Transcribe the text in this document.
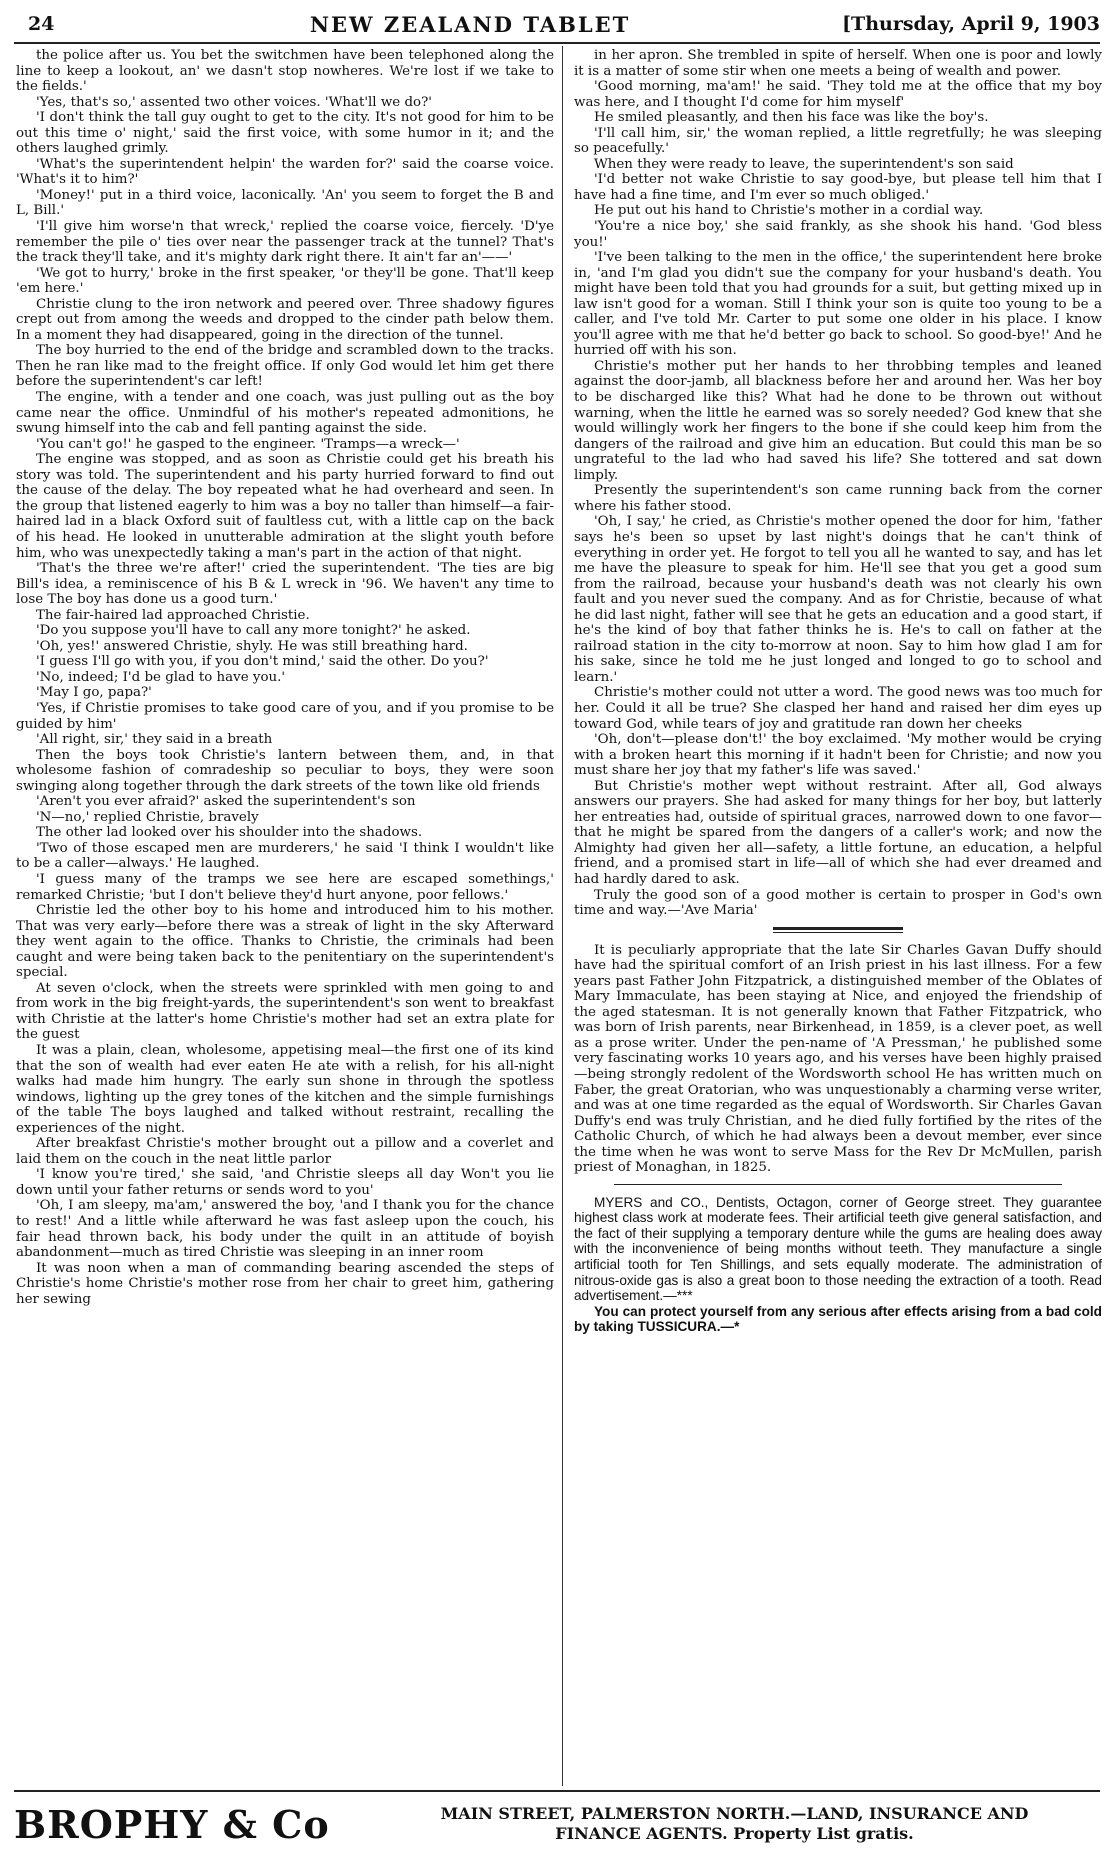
24	NEW ZEALAND TABLET	[Thursday, April 9, 1903

the police after us. You bet the switchmen have been telephoned along the line to keep a lookout, an' we dasn't stop nowheres. We're lost if we take to the fields.'

'Yes, that's so,' assented two other voices. 'What'll we do?'

'I don't think the tall guy ought to get to the city. It's not good for him to be out this time o' night,' said the first voice, with some humor in it; and the others laughed grimly.

'What's the superintendent helpin' the warden for?' said the coarse voice. 'What's it to him?'

'Money!' put in a third voice, laconically. 'An' you seem to forget the B and L, Bill.'

'I'll give him worse'n that wreck,' replied the coarse voice, fiercely. 'D'ye remember the pile o' ties over near the passenger track at the tunnel? That's the track they'll take, and it's mighty dark right there. It ain't far an'——'

'We got to hurry,' broke in the first speaker, 'or they'll be gone. That'll keep 'em here.'

Christie clung to the iron network and peered over. Three shadowy figures crept out from among the weeds and dropped to the cinder path below them. In a moment they had disappeared, going in the direction of the tunnel.

The boy hurried to the end of the bridge and scrambled down to the tracks. Then he ran like mad to the freight office. If only God would let him get there before the superintendent's car left!

The engine, with a tender and one coach, was just pulling out as the boy came near the office. Unmindful of his mother's repeated admonitions, he swung himself into the cab and fell panting against the side.

'You can't go!' he gasped to the engineer. 'Tramps—a wreck—'

The engine was stopped, and as soon as Christie could get his breath his story was told. The superintendent and his party hurried forward to find out the cause of the delay. The boy repeated what he had overheard and seen. In the group that listened eagerly to him was a boy no taller than himself—a fair-haired lad in a black Oxford suit of faultless cut, with a little cap on the back of his head. He looked in unutterable admiration at the slight youth before him, who was unexpectedly taking a man's part in the action of that night.

'That's the three we're after!' cried the superintendent. 'The ties are big Bill's idea, a reminiscence of his B & L wreck in '96. We haven't any time to lose The boy has done us a good turn.'

The fair-haired lad approached Christie.

'Do you suppose you'll have to call any more tonight?' he asked.

'Oh, yes!' answered Christie, shyly. He was still breathing hard.

'I guess I'll go with you, if you don't mind,' said the other. Do you?'

'No, indeed; I'd be glad to have you.'

'May I go, papa?'

'Yes, if Christie promises to take good care of you, and if you promise to be guided by him'

'All right, sir,' they said in a breath

Then the boys took Christie's lantern between them, and, in that wholesome fashion of comradeship so peculiar to boys, they were soon swinging along together through the dark streets of the town like old friends

'Aren't you ever afraid?' asked the superintendent's son

'N—no,' replied Christie, bravely

The other lad looked over his shoulder into the shadows.

'Two of those escaped men are murderers,' he said 'I think I wouldn't like to be a caller—always.' He laughed.

'I guess many of the tramps we see here are escaped somethings,' remarked Christie; 'but I don't believe they'd hurt anyone, poor fellows.'

Christie led the other boy to his home and introduced him to his mother. That was very early—before there was a streak of light in the sky Afterward they went again to the office. Thanks to Christie, the criminals had been caught and were being taken back to the penitentiary on the superintendent's special.

At seven o'clock, when the streets were sprinkled with men going to and from work in the big freight-yards, the superintendent's son went to breakfast with Christie at the latter's home Christie's mother had set an extra plate for the guest

It was a plain, clean, wholesome, appetising meal—the first one of its kind that the son of wealth had ever eaten He ate with a relish, for his all-night walks had made him hungry. The early sun shone in through the spotless windows, lighting up the grey tones of the kitchen and the simple furnishings of the table The boys laughed and talked without restraint, recalling the experiences of the night.

After breakfast Christie's mother brought out a pillow and a coverlet and laid them on the couch in the neat little parlor

'I know you're tired,' she said, 'and Christie sleeps all day Won't you lie down until your father returns or sends word to you'

'Oh, I am sleepy, ma'am,' answered the boy, 'and I thank you for the chance to rest!' And a little while afterward he was fast asleep upon the couch, his fair head thrown back, his body under the quilt in an attitude of boyish abandonment—much as tired Christie was sleeping in an inner room

It was noon when a man of commanding bearing ascended the steps of Christie's home Christie's mother rose from her chair to greet him, gathering her sewing

in her apron. She trembled in spite of herself. When one is poor and lowly it is a matter of some stir when one meets a being of wealth and power.

'Good morning, ma'am!' he said. 'They told me at the office that my boy was here, and I thought I'd come for him myself'

He smiled pleasantly, and then his face was like the boy's.

'I'll call him, sir,' the woman replied, a little regretfully; he was sleeping so peacefully.'

When they were ready to leave, the superintendent's son said

'I'd better not wake Christie to say good-bye, but please tell him that I have had a fine time, and I'm ever so much obliged.'

He put out his hand to Christie's mother in a cordial way.

'You're a nice boy,' she said frankly, as she shook his hand. 'God bless you!'

'I've been talking to the men in the office,' the superintendent here broke in, 'and I'm glad you didn't sue the company for your husband's death. You might have been told that you had grounds for a suit, but getting mixed up in law isn't good for a woman. Still I think your son is quite too young to be a caller, and I've told Mr. Carter to put some one older in his place. I know you'll agree with me that he'd better go back to school. So good-bye!' And he hurried off with his son.

Christie's mother put her hands to her throbbing temples and leaned against the door-jamb, all blackness before her and around her. Was her boy to be discharged like this? What had he done to be thrown out without warning, when the little he earned was so sorely needed? God knew that she would willingly work her fingers to the bone if she could keep him from the dangers of the railroad and give him an education. But could this man be so ungrateful to the lad who had saved his life? She tottered and sat down limply.

Presently the superintendent's son came running back from the corner where his father stood.

'Oh, I say,' he cried, as Christie's mother opened the door for him, 'father says he's been so upset by last night's doings that he can't think of everything in order yet. He forgot to tell you all he wanted to say, and has let me have the pleasure to speak for him. He'll see that you get a good sum from the railroad, because your husband's death was not clearly his own fault and you never sued the company. And as for Christie, because of what he did last night, father will see that he gets an education and a good start, if he's the kind of boy that father thinks he is. He's to call on father at the railroad station in the city to-morrow at noon. Say to him how glad I am for his sake, since he told me he just longed and longed to go to school and learn.'

Christie's mother could not utter a word. The good news was too much for her. Could it all be true? She clasped her hand and raised her dim eyes up toward God, while tears of joy and gratitude ran down her cheeks

'Oh, don't—please don't!' the boy exclaimed. 'My mother would be crying with a broken heart this morning if it hadn't been for Christie; and now you must share her joy that my father's life was saved.'

But Christie's mother wept without restraint. After all, God always answers our prayers. She had asked for many things for her boy, but latterly her entreaties had, outside of spiritual graces, narrowed down to one favor—that he might be spared from the dangers of a caller's work; and now the Almighty had given her all—safety, a little fortune, an education, a helpful friend, and a promised start in life—all of which she had ever dreamed and had hardly dared to ask.

Truly the good son of a good mother is certain to prosper in God's own time and way.—'Ave Maria'

It is peculiarly appropriate that the late Sir Charles Gavan Duffy should have had the spiritual comfort of an Irish priest in his last illness. For a few years past Father John Fitzpatrick, a distinguished member of the Oblates of Mary Immaculate, has been staying at Nice, and enjoyed the friendship of the aged statesman. It is not generally known that Father Fitzpatrick, who was born of Irish parents, near Birkenhead, in 1859, is a clever poet, as well as a prose writer. Under the pen-name of 'A Pressman,' he published some very fascinating works 10 years ago, and his verses have been highly praised—being strongly redolent of the Wordsworth school He has written much on Faber, the great Oratorian, who was unquestionably a charming verse writer, and was at one time regarded as the equal of Wordsworth. Sir Charles Gavan Duffy's end was truly Christian, and he died fully fortified by the rites of the Catholic Church, of which he had always been a devout member, ever since the time when he was wont to serve Mass for the Rev Dr McMullen, parish priest of Monaghan, in 1825.

MYERS and CO., Dentists, Octagon, corner of George street. They guarantee highest class work at moderate fees. Their artificial teeth give general satisfaction, and the fact of their supplying a temporary denture while the gums are healing does away with the inconvenience of being months without teeth. They manufacture a single artificial tooth for Ten Shillings, and sets equally moderate. The administration of nitrous-oxide gas is also a great boon to those needing the extraction of a tooth. Read advertisement.—***

You can protect yourself from any serious after effects arising from a bad cold by taking TUSSICURA.—*

BROPHY & Co	MAIN STREET, PALMERSTON NORTH.—LAND, INSURANCE AND
FINANCE AGENTS. Property List gratis.
